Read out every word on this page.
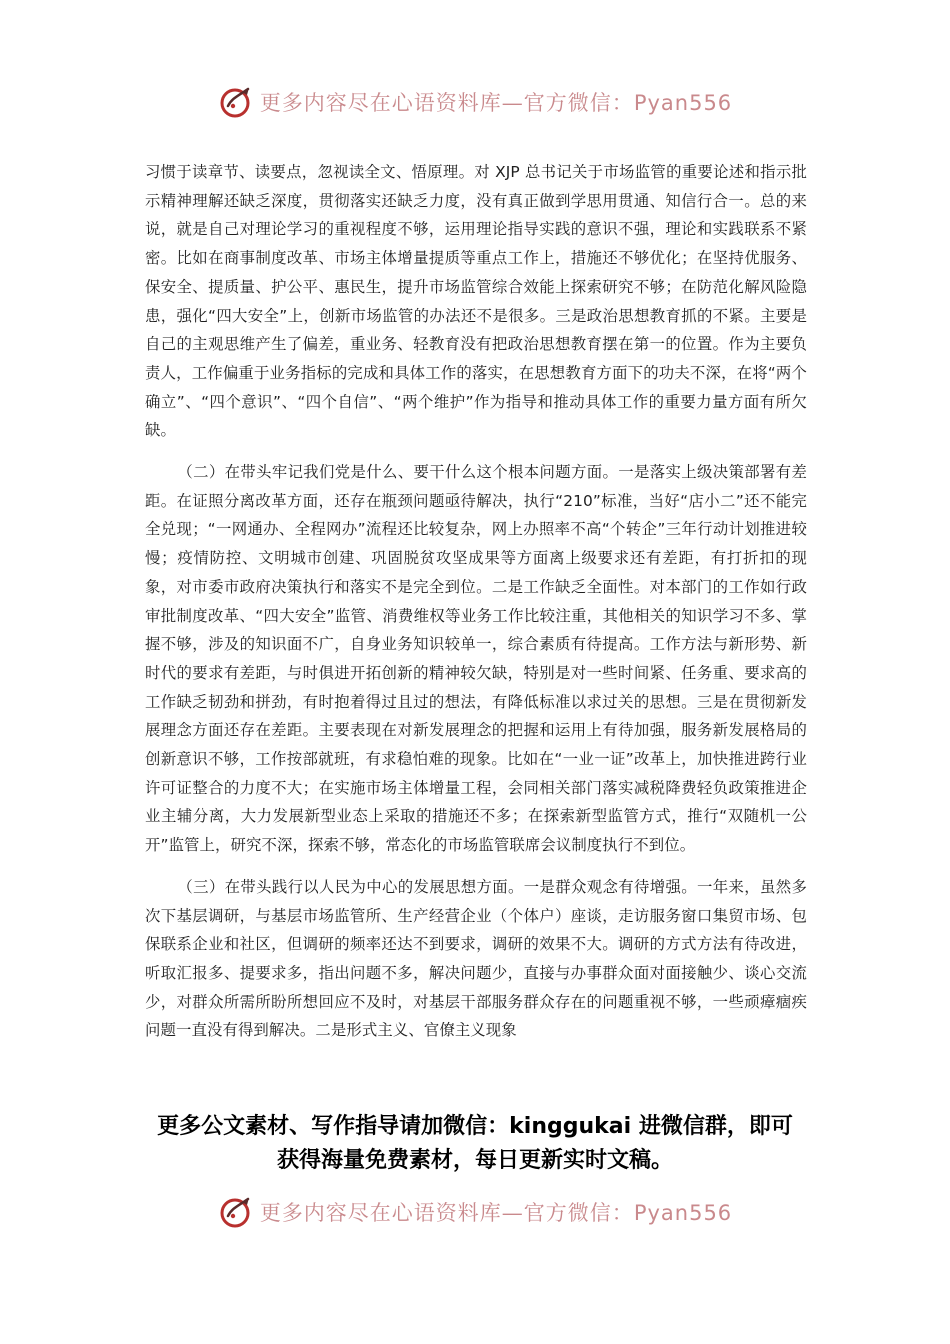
更多内容尽在心语资料库—官方微信：Pyan556

习惯于读章节、读要点，忽视读全文、悟原理。对 XJP 总书记关于市场监管的重要论述和指示批示精神理解还缺乏深度，贯彻落实还缺乏力度，没有真正做到学思用贯通、知信行合一。总的来说，就是自己对理论学习的重视程度不够，运用理论指导实践的意识不强，理论和实践联系不紧密。比如在商事制度改革、市场主体增量提质等重点工作上，措施还不够优化；在坚持优服务、保安全、提质量、护公平、惠民生，提升市场监管综合效能上探索研究不够；在防范化解风险隐患，强化“四大安全”上，创新市场监管的办法还不是很多。三是政治思想教育抓的不紧。主要是自己的主观思维产生了偏差，重业务、轻教育没有把政治思想教育摆在第一的位置。作为主要负责人，工作偏重于业务指标的完成和具体工作的落实，在思想教育方面下的功夫不深，在将“两个确立”、“四个意识”、“四个自信”、“两个维护”作为指导和推动具体工作的重要力量方面有所欠缺。

（二）在带头牢记我们党是什么、要干什么这个根本问题方面。一是落实上级决策部署有差距。在证照分离改革方面，还存在瓶颈问题亟待解决，执行“210”标准，当好“店小二”还不能完全兑现；“一网通办、全程网办”流程还比较复杂，网上办照率不高“个转企”三年行动计划推进较慢；疫情防控、文明城市创建、巩固脱贫攻坚成果等方面离上级要求还有差距，有打折扣的现象，对市委市政府决策执行和落实不是完全到位。二是工作缺乏全面性。对本部门的工作如行政审批制度改革、“四大安全”监管、消费维权等业务工作比较注重，其他相关的知识学习不多、掌握不够，涉及的知识面不广，自身业务知识较单一，综合素质有待提高。工作方法与新形势、新时代的要求有差距，与时俱进开拓创新的精神较欠缺，特别是对一些时间紧、任务重、要求高的工作缺乏韧劲和拼劲，有时抱着得过且过的想法，有降低标准以求过关的思想。三是在贯彻新发展理念方面还存在差距。主要表现在对新发展理念的把握和运用上有待加强，服务新发展格局的创新意识不够，工作按部就班，有求稳怕难的现象。比如在“一业一证”改革上，加快推进跨行业许可证整合的力度不大；在实施市场主体增量工程，会同相关部门落实减税降费轻负政策推进企业主辅分离，大力发展新型业态上采取的措施还不多；在探索新型监管方式，推行“双随机一公开”监管上，研究不深，探索不够，常态化的市场监管联席会议制度执行不到位。

（三）在带头践行以人民为中心的发展思想方面。一是群众观念有待增强。一年来，虽然多次下基层调研，与基层市场监管所、生产经营企业（个体户）座谈，走访服务窗口集贸市场、包保联系企业和社区，但调研的频率还达不到要求，调研的效果不大。调研的方式方法有待改进，听取汇报多、提要求多，指出问题不多，解决问题少，直接与办事群众面对面接触少、谈心交流少，对群众所需所盼所想回应不及时，对基层干部服务群众存在的问题重视不够，一些顽瘴痼疾问题一直没有得到解决。二是形式主义、官僚主义现象

更多公文素材、写作指导请加微信：kinggukai 进微信群，即可
获得海量免费素材，每日更新实时文稿。
更多内容尽在心语资料库—官方微信：Pyan556
